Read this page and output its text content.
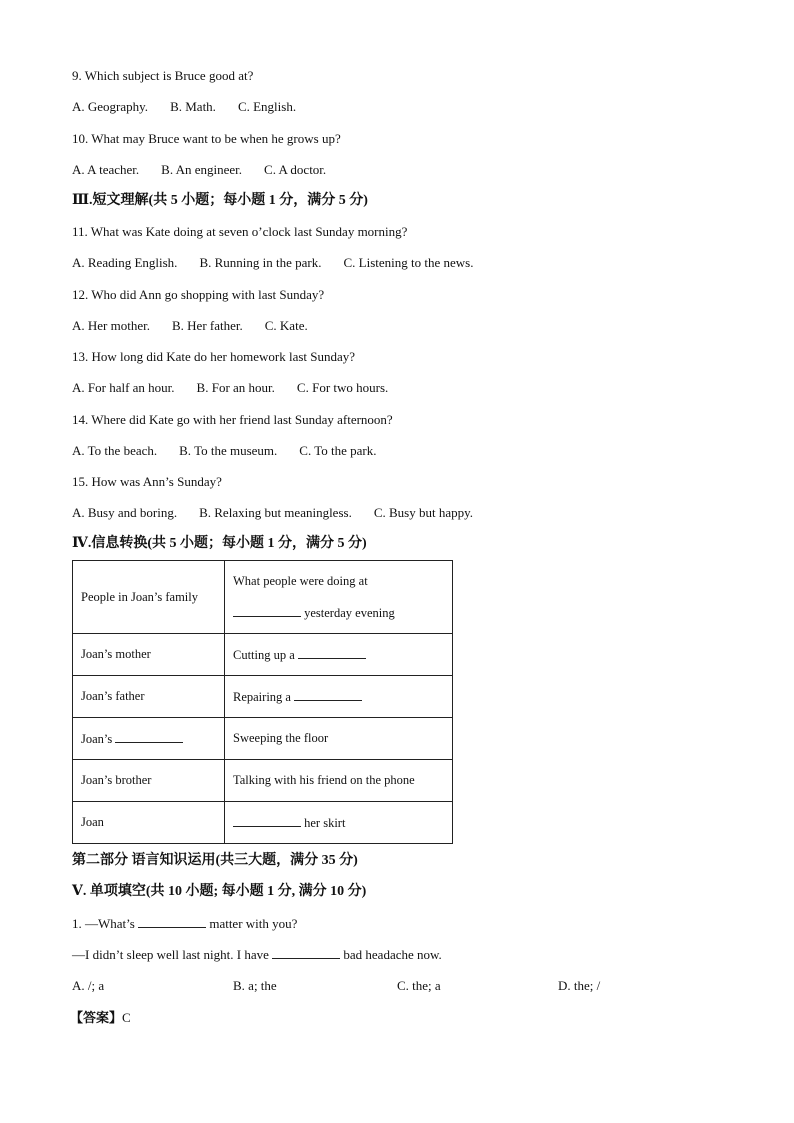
9. Which subject is Bruce good at?
A. Geography. B. Math. C. English.
10. What may Bruce want to be when he grows up?
A. A teacher. B. An engineer. C. A doctor.
Ⅲ.短文理解(共 5 小题；每小题 1 分，满分 5 分)
11. What was Kate doing at seven o’clock last Sunday morning?
A. Reading English. B. Running in the park. C. Listening to the news.
12. Who did Ann go shopping with last Sunday?
A. Her mother. B. Her father. C. Kate.
13. How long did Kate do her homework last Sunday?
A. For half an hour. B. For an hour. C. For two hours.
14. Where did Kate go with her friend last Sunday afternoon?
A. To the beach. B. To the museum. C. To the park.
15. How was Ann’s Sunday?
A. Busy and boring. B. Relaxing but meaningless. C. Busy but happy.
Ⅳ.信息转换(共 5 小题；每小题 1 分，满分 5 分)
People in Joan’s family	What people were doing at
yesterday evening

Joan’s mother	Cutting up a
Joan’s father	Repairing a
Joan’s	Sweeping the floor
Joan’s brother	Talking with his friend on the phone
Joan	her skirt
第二部分 语言知识运用(共三大题，满分 35 分)
Ⅴ. 单项填空(共 10 小题; 每小题 1 分, 满分 10 分)
1. —What’s	matter with you?
—I didn’t sleep well last night. I have	bad headache now.
A. /; a	B. a; the	C. the; a	D. the; /
【答案】C
